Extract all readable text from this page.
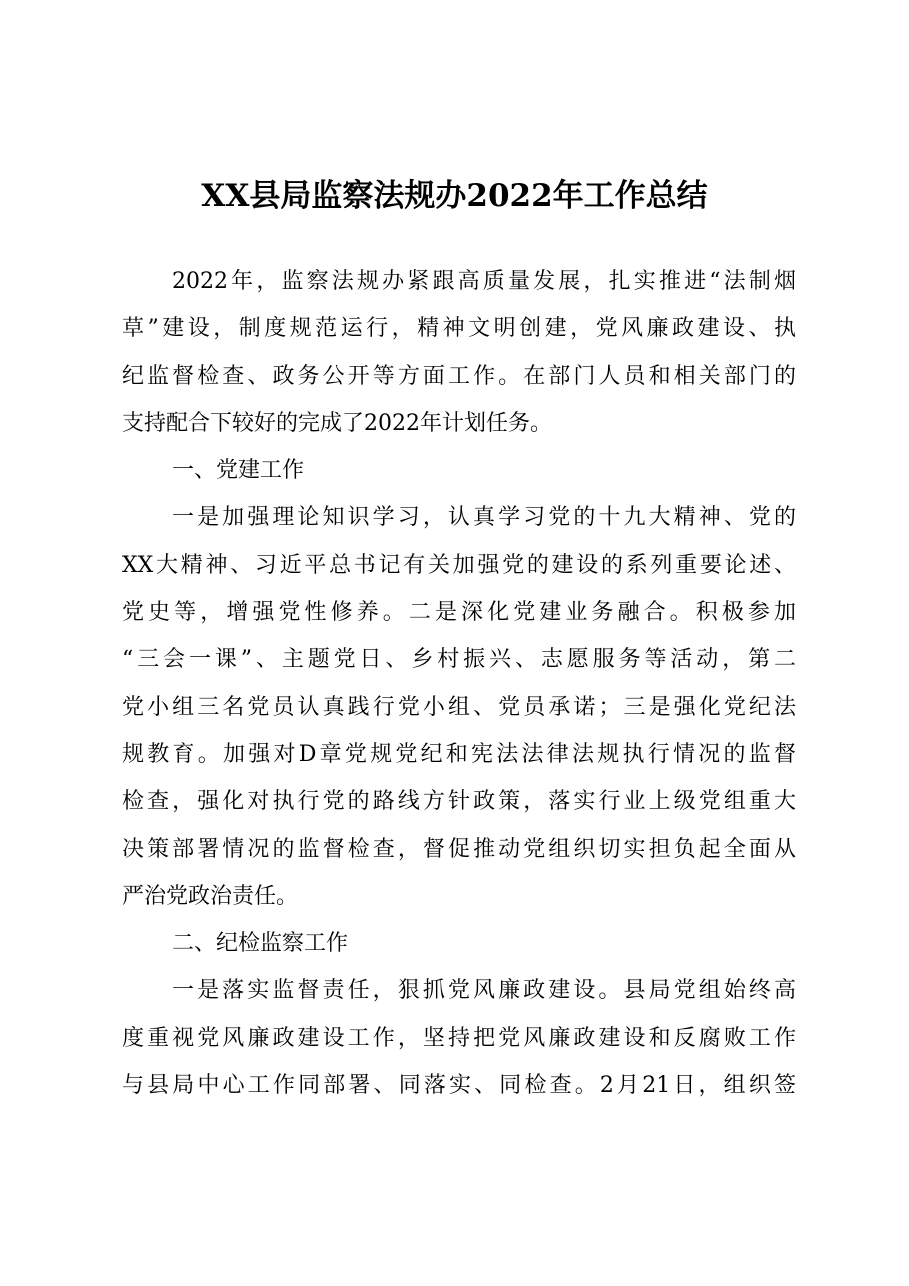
XX县局监察法规办2022年工作总结
2022年，监察法规办紧跟高质量发展，扎实推进“法制烟
草”建设，制度规范运行，精神文明创建，党风廉政建设、执
纪监督检查、政务公开等方面工作。在部门人员和相关部门的
支持配合下较好的完成了2022年计划任务。
一、党建工作
一是加强理论知识学习，认真学习党的十九大精神、党的
XX大精神、习近平总书记有关加强党的建设的系列重要论述、
党史等，增强党性修养。二是深化党建业务融合。积极参加
“三会一课”、主题党日、乡村振兴、志愿服务等活动，第二
党小组三名党员认真践行党小组、党员承诺；三是强化党纪法
规教育。加强对D章党规党纪和宪法法律法规执行情况的监督
检查，强化对执行党的路线方针政策，落实行业上级党组重大
决策部署情况的监督检查，督促推动党组织切实担负起全面从
严治党政治责任。
二、纪检监察工作
一是落实监督责任，狠抓党风廉政建设。县局党组始终高
度重视党风廉政建设工作，坚持把党风廉政建设和反腐败工作
与县局中心工作同部署、同落实、同检查。2月21日，组织签
